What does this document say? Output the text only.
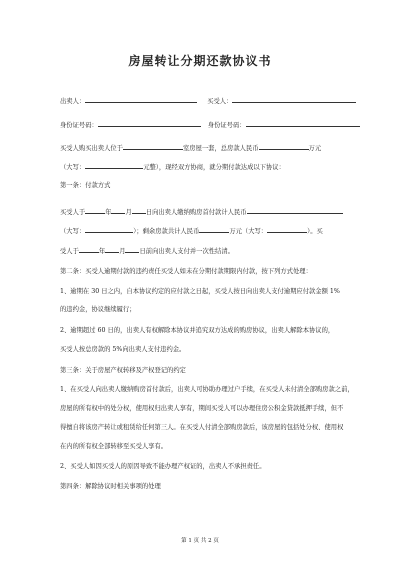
房屋转让分期还款协议书
出卖人：	买受人：
身份证号码：	身份证号码：
买受人购买出卖人位于	室房屋一套，总房款人民币	万元
（大写：	元整），现经双方协商，就分期付款达成以下协议：
第一条：付款方式
买受人于	年 月 日向出卖人缴纳购房首付款计人民币
（大写：	）；剩余房款共计人民币	万元（大写：	）。买
受人于	年 月 日前向出卖人支付并一次性结清。
第二条：买受人逾期付款的违约责任买受人如未在分期付款期限内付款，按下列方式处理：
1、逾期在 30 日之内，自本协议约定的应付款之日起，买受人按日向出卖人支付逾期应付款金额 1%
的违约金，协议继续履行；
2、逾期超过 60 日的，出卖人有权解除本协议并追究双方达成的购房协议，出卖人解除本协议的，
买受人按总房款的 5%向出卖人支付违约金。
第三条：关于房屋产权转移及产权登记的约定
1、在买受人向出卖人缴纳购房首付款后，出卖人可协助办理过户手续，在买受人未付清全部购房款之前，
房屋的所有权中的处分权，使用权归出卖人享有，期间买受人可以办理住房公积金贷款抵押手续，但不
得擅自将该房产转让或租赁给任何第三人。在买受人付清全部购房款后，该房屋的包括处分权、使用权
在内的所有权全部转移至买受人享有。
2、买受人如因买受人的原因导致不能办理产权证的，出卖人不承担责任。
第四条：解除协议时相关事项的处理
第 1 页 共 2 页
